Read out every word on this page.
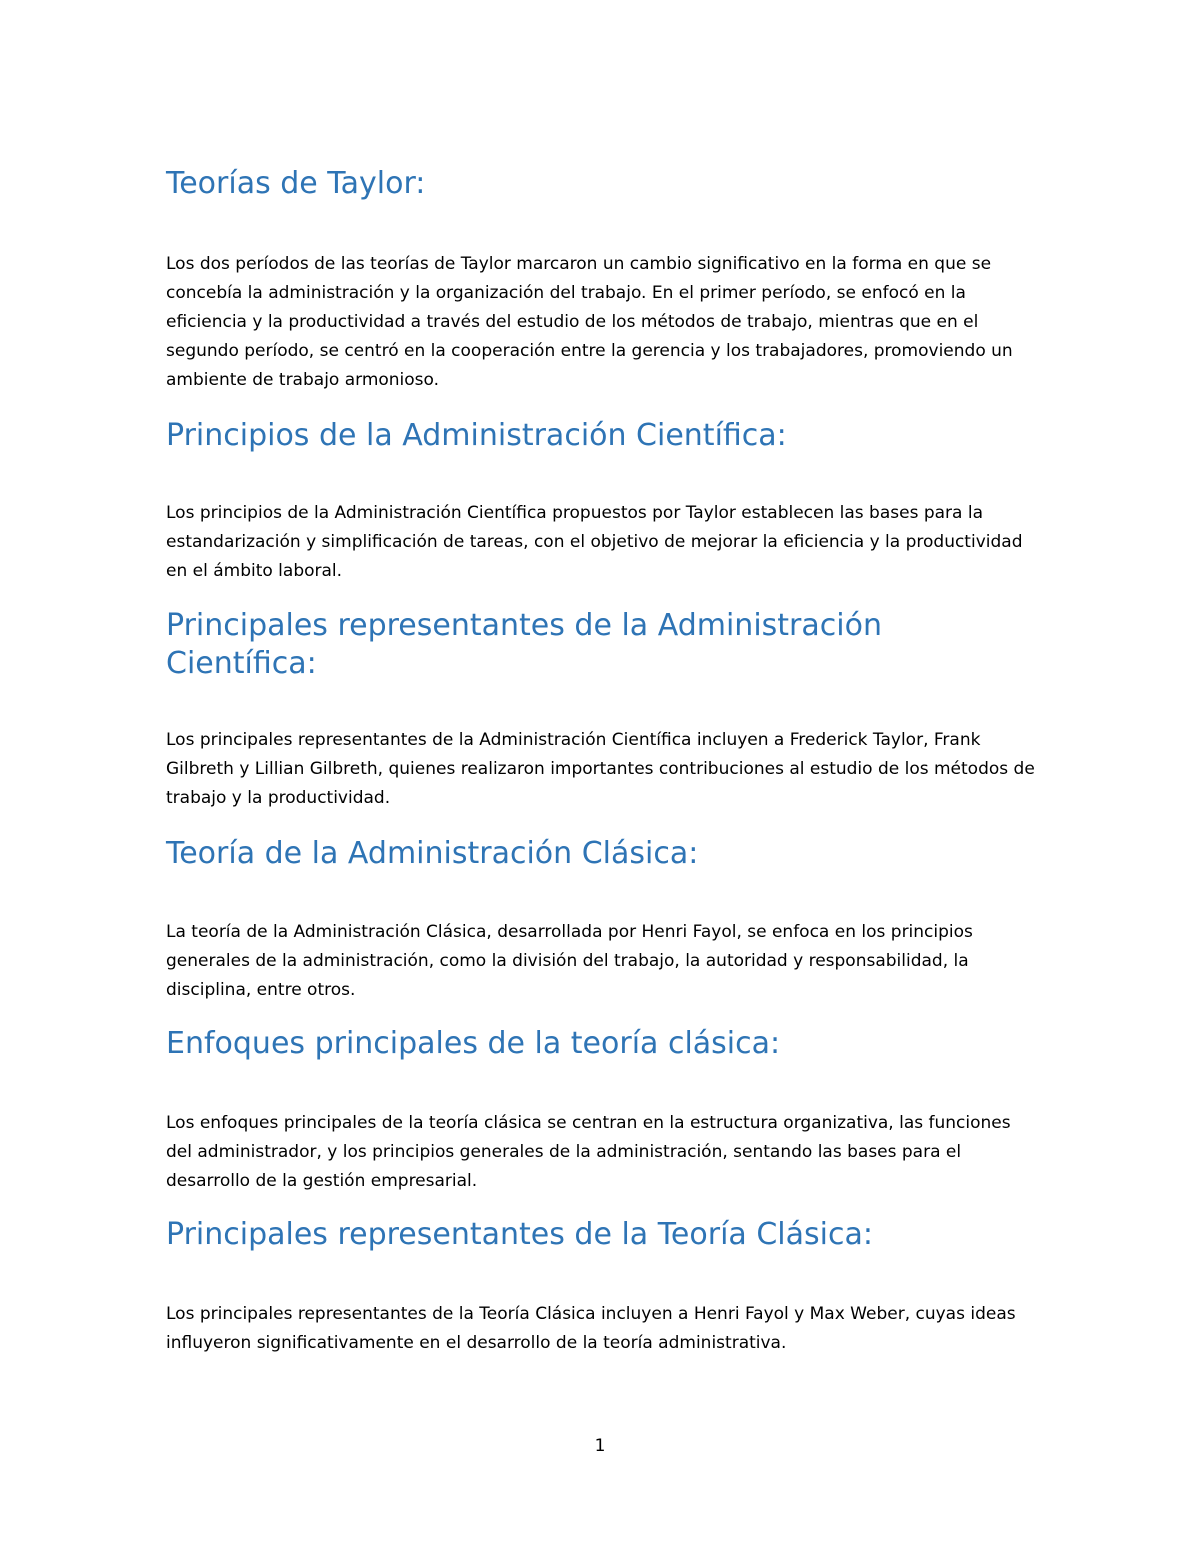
Teorías de Taylor:

Los dos períodos de las teorías de Taylor marcaron un cambio significativo en la forma en que se concebía la administración y la organización del trabajo. En el primer período, se enfocó en la eficiencia y la productividad a través del estudio de los métodos de trabajo, mientras que en el segundo período, se centró en la cooperación entre la gerencia y los trabajadores, promoviendo un ambiente de trabajo armonioso.

Principios de la Administración Científica:

Los principios de la Administración Científica propuestos por Taylor establecen las bases para la estandarización y simplificación de tareas, con el objetivo de mejorar la eficiencia y la productividad en el ámbito laboral.

Principales representantes de la Administración Científica:

Los principales representantes de la Administración Científica incluyen a Frederick Taylor, Frank Gilbreth y Lillian Gilbreth, quienes realizaron importantes contribuciones al estudio de los métodos de trabajo y la productividad.

Teoría de la Administración Clásica:

La teoría de la Administración Clásica, desarrollada por Henri Fayol, se enfoca en los principios generales de la administración, como la división del trabajo, la autoridad y responsabilidad, la disciplina, entre otros.

Enfoques principales de la teoría clásica:

Los enfoques principales de la teoría clásica se centran en la estructura organizativa, las funciones del administrador, y los principios generales de la administración, sentando las bases para el desarrollo de la gestión empresarial.

Principales representantes de la Teoría Clásica:

Los principales representantes de la Teoría Clásica incluyen a Henri Fayol y Max Weber, cuyas ideas influyeron significativamente en el desarrollo de la teoría administrativa.

1
